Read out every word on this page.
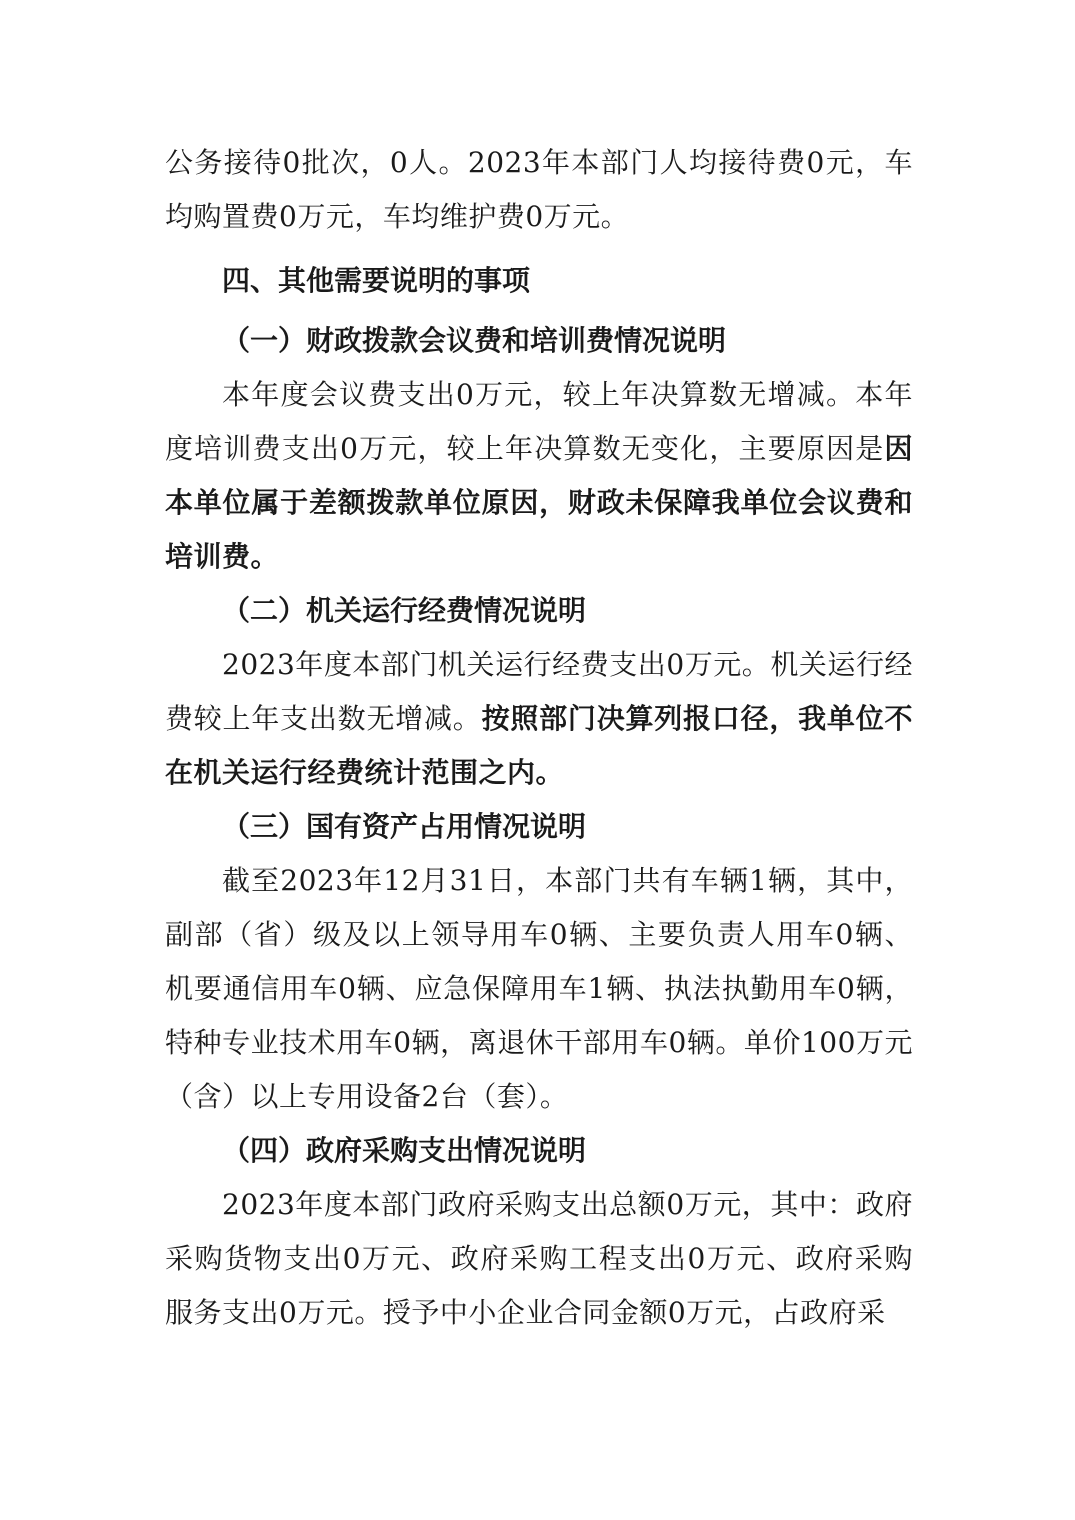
公务接待0批次，0人。2023年本部门人均接待费0元，车均购置费0万元，车均维护费0万元。

四、其他需要说明的事项

（一）财政拨款会议费和培训费情况说明

本年度会议费支出0万元，较上年决算数无增减。本年度培训费支出0万元，较上年决算数无变化，主要原因是因本单位属于差额拨款单位原因，财政未保障我单位会议费和培训费。

（二）机关运行经费情况说明

2023年度本部门机关运行经费支出0万元。机关运行经费较上年支出数无增减。按照部门决算列报口径，我单位不在机关运行经费统计范围之内。

（三）国有资产占用情况说明

截至2023年12月31日，本部门共有车辆1辆，其中，副部（省）级及以上领导用车0辆、主要负责人用车0辆、机要通信用车0辆、应急保障用车1辆、执法执勤用车0辆，特种专业技术用车0辆，离退休干部用车0辆。单价100万元（含）以上专用设备2台（套）。

（四）政府采购支出情况说明

2023年度本部门政府采购支出总额0万元，其中：政府采购货物支出0万元、政府采购工程支出0万元、政府采购服务支出0万元。授予中小企业合同金额0万元，占政府采
